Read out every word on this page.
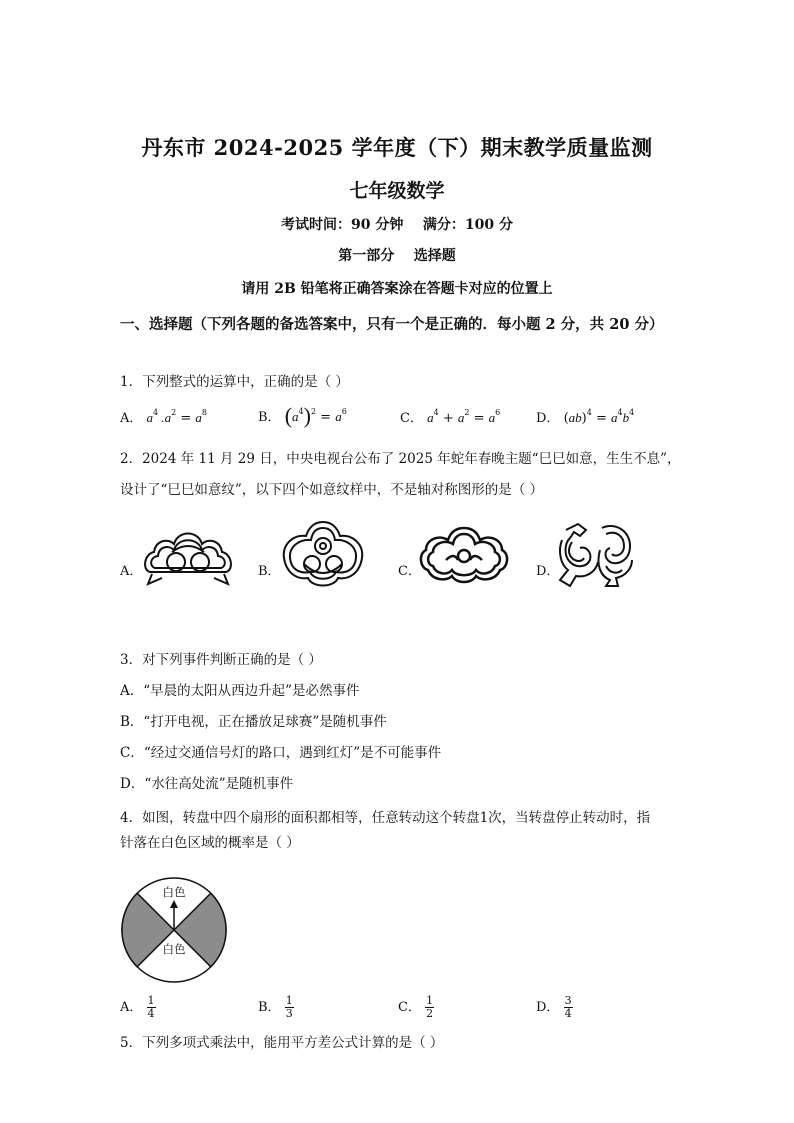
丹东市 2024-2025 学年度（下）期末教学质量监测
七年级数学
考试时间：90 分钟    满分：100 分
第一部分    选择题
请用 2B 铅笔将正确答案涂在答题卡对应的位置上
一、选择题（下列各题的备选答案中，只有一个是正确的．每小题 2 分，共 20 分）
1．下列整式的运算中，正确的是（ ）
A． $a^4$ $.a^2 = a^8$	B． $(a^4)^2 = a^6$	C． $a^4 + a^2 = a^6$	D． $(ab)^4 = a^4b^4$
2．2024 年 11 月 29 日，中央电视台公布了 2025 年蛇年春晚主题“巳巳如意，生生不息”，
设计了“巳巳如意纹”，以下四个如意纹样中，不是轴对称图形的是（ ）
A．	B．	C．	D．
3．对下列事件判断正确的是（ ）
A．“早晨的太阳从西边升起”是必然事件
B．“打开电视，正在播放足球赛”是随机事件
C．“经过交通信号灯的路口，遇到红灯”是不可能事件
D．“水往高处流”是随机事件
4．如图，转盘中四个扇形的面积都相等，任意转动这个转盘1次，当转盘停止转动时，指
针落在白色区域的概率是（ ）
白色
白色
A． $\frac{1}{4}$	B． $\frac{1}{3}$	C． $\frac{1}{2}$	D． $\frac{3}{4}$
5．下列多项式乘法中，能用平方差公式计算的是（ ）
